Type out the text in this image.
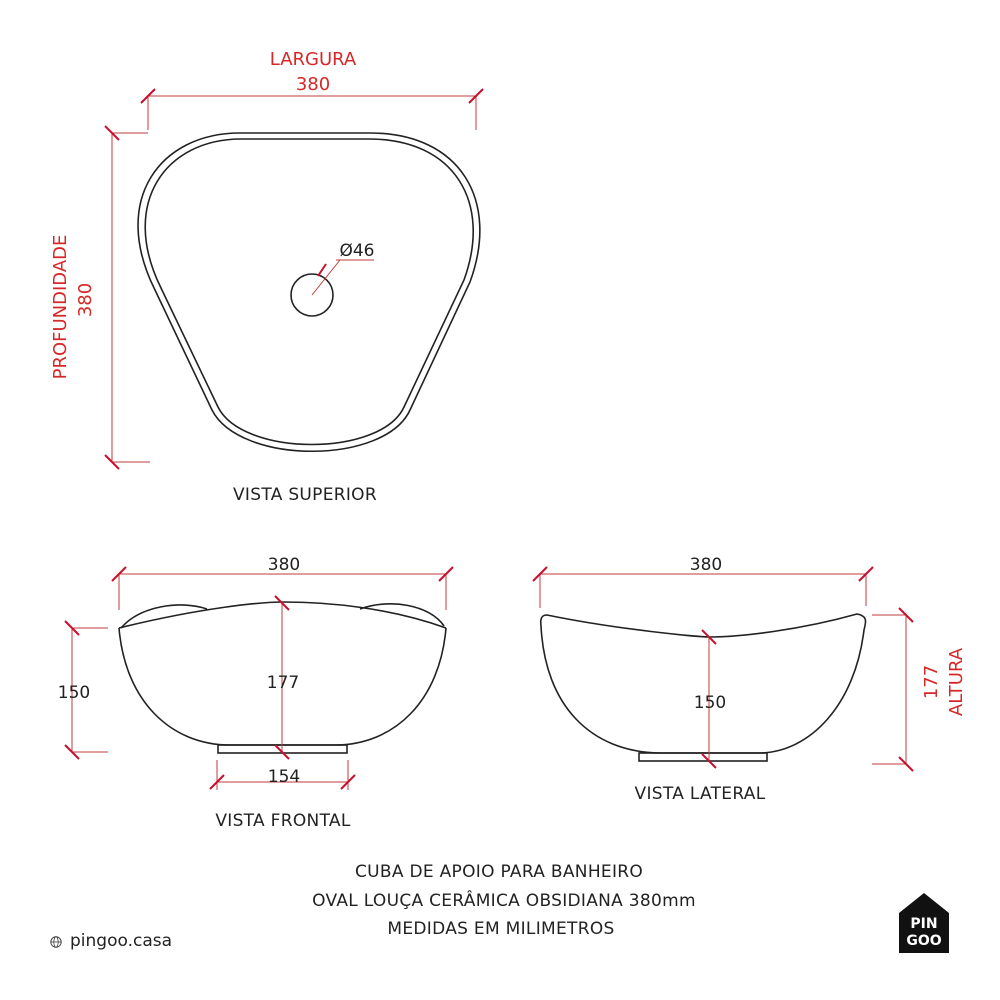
LARGURA
380
PROFUNDIDADE 380
Ø46
VISTA SUPERIOR
380
150	177
154
VISTA FRONTAL
380
150
177 ALTURA
VISTA LATERAL
CUBA DE APOIO PARA BANHEIRO
OVAL LOUÇA CERÂMICA OBSIDIANA 380mm
MEDIDAS EM MILIMETROS
pingoo.casa
PIN
GOO
